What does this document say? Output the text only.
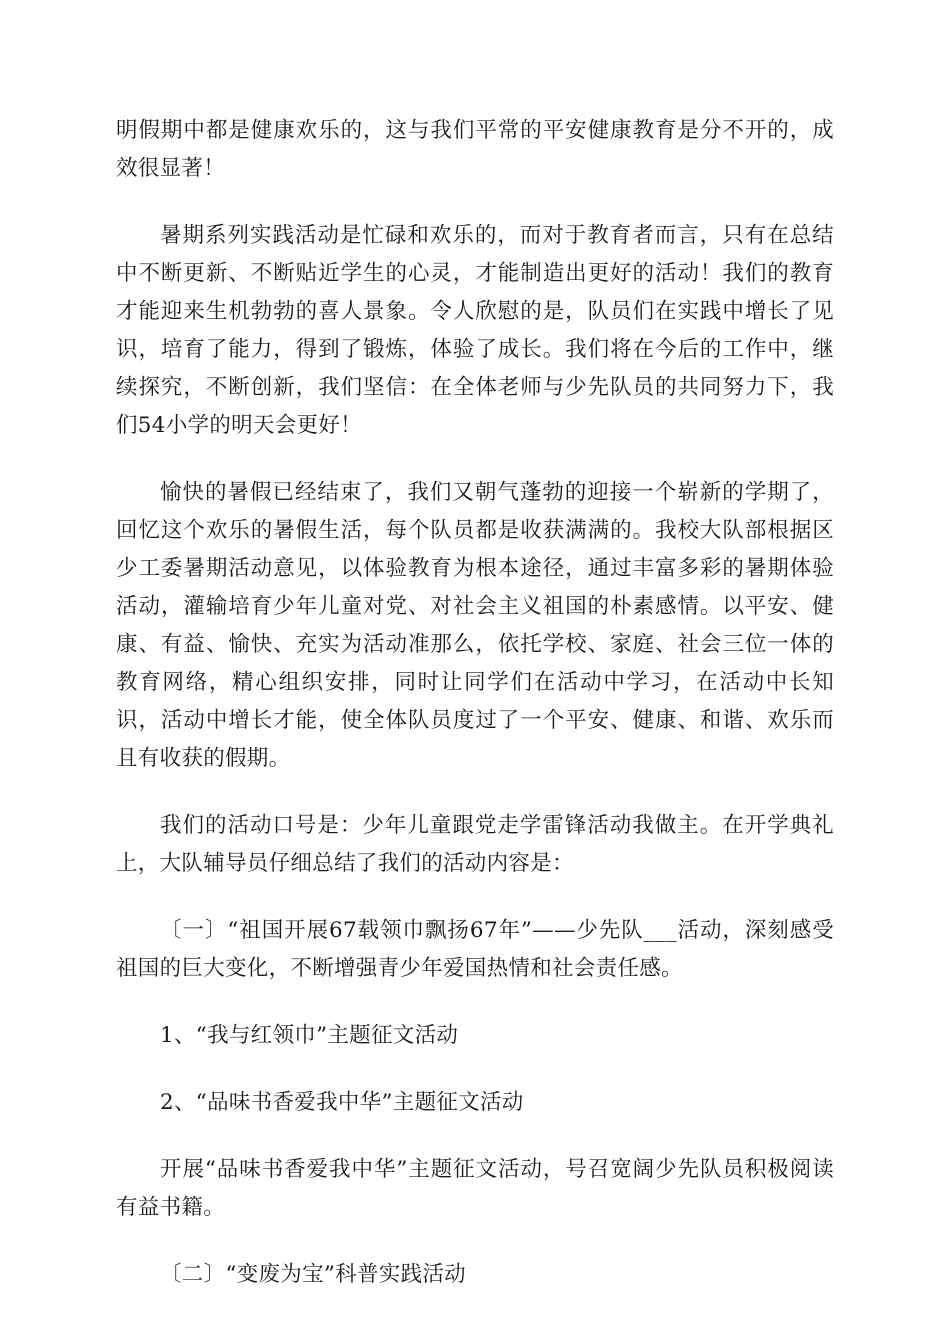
明假期中都是健康欢乐的，这与我们平常的平安健康教育是分不开的，成效很显著！

暑期系列实践活动是忙碌和欢乐的，而对于教育者而言，只有在总结中不断更新、不断贴近学生的心灵，才能制造出更好的活动！我们的教育才能迎来生机勃勃的喜人景象。令人欣慰的是，队员们在实践中增长了见识，培育了能力，得到了锻炼，体验了成长。我们将在今后的工作中，继续探究，不断创新，我们坚信：在全体老师与少先队员的共同努力下，我们54小学的明天会更好！

愉快的暑假已经结束了，我们又朝气蓬勃的迎接一个崭新的学期了，回忆这个欢乐的暑假生活，每个队员都是收获满满的。我校大队部根据区少工委暑期活动意见，以体验教育为根本途径，通过丰富多彩的暑期体验活动，灌输培育少年儿童对党、对社会主义祖国的朴素感情。以平安、健康、有益、愉快、充实为活动准那么，依托学校、家庭、社会三位一体的教育网络，精心组织安排，同时让同学们在活动中学习，在活动中长知识，活动中增长才能，使全体队员度过了一个平安、健康、和谐、欢乐而且有收获的假期。

我们的活动口号是：少年儿童跟党走学雷锋活动我做主。在开学典礼上，大队辅导员仔细总结了我们的活动内容是：

〔一〕“祖国开展67载领巾飘扬67年”——少先队___活动，深刻感受祖国的巨大变化，不断增强青少年爱国热情和社会责任感。

1、“我与红领巾”主题征文活动

2、“品味书香爱我中华”主题征文活动

开展“品味书香爱我中华”主题征文活动，号召宽阔少先队员积极阅读有益书籍。

〔二〕“变废为宝”科普实践活动
